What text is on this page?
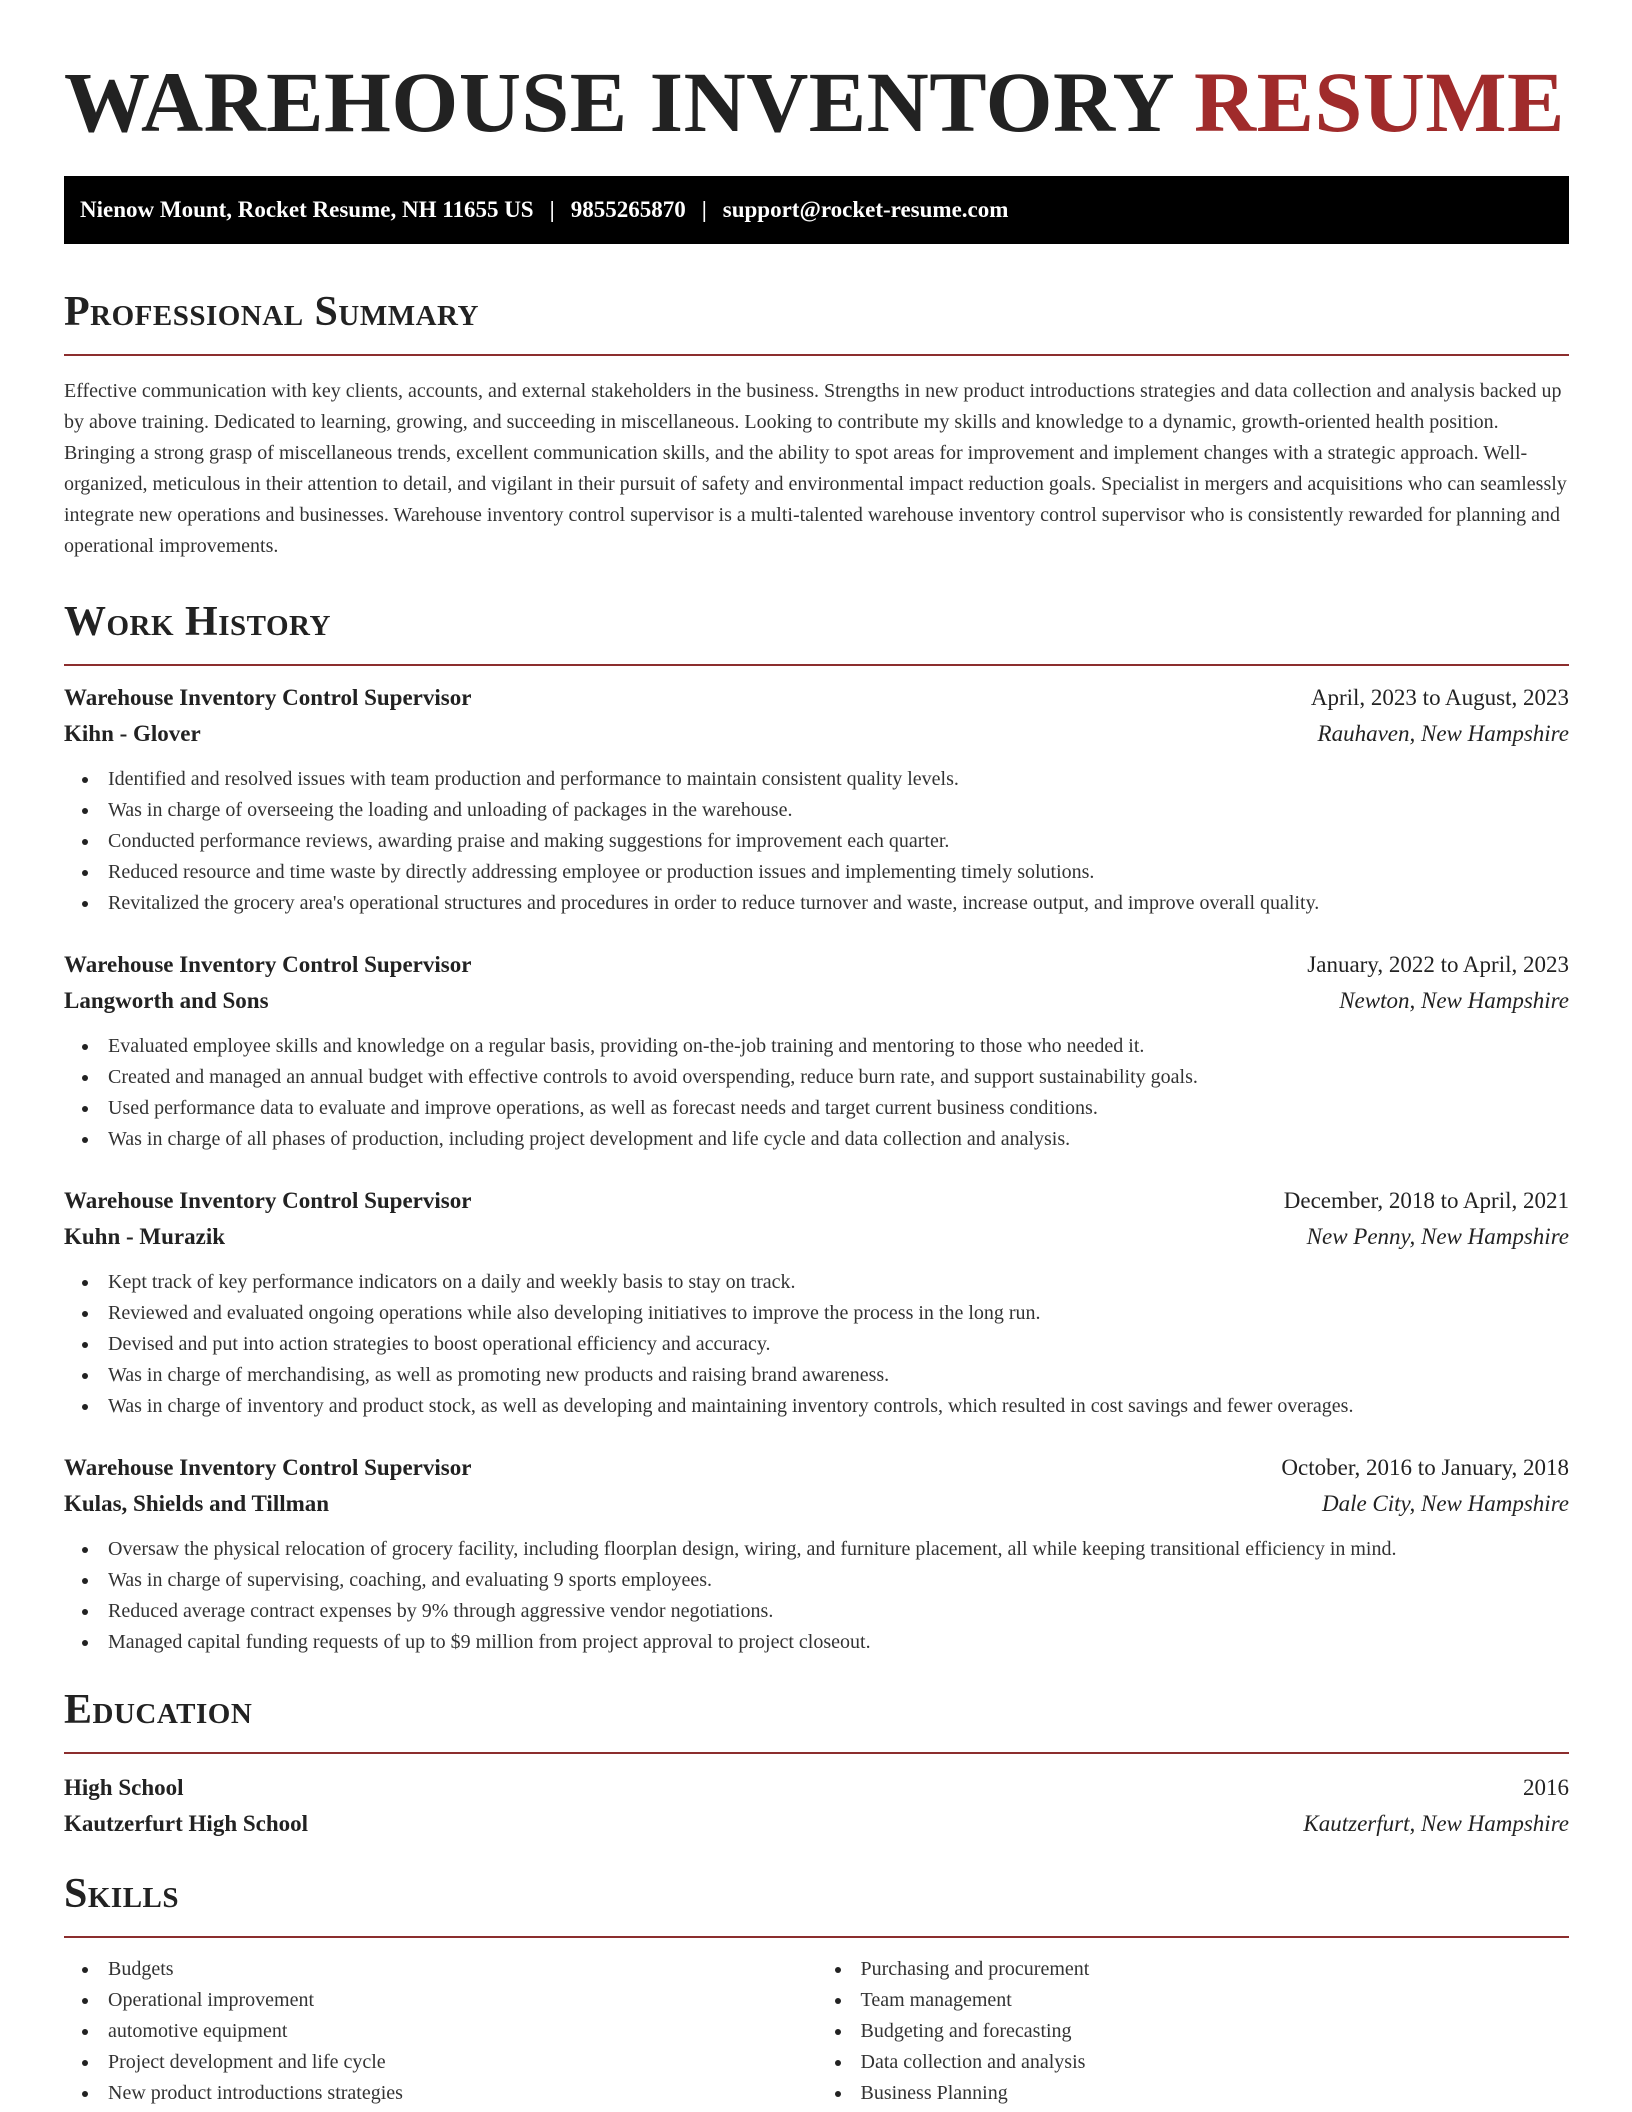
WAREHOUSE INVENTORY RESUME
Nienow Mount, Rocket Resume, NH 11655 US | 9855265870 | support@rocket-resume.com
Professional Summary

Effective communication with key clients, accounts, and external stakeholders in the business. Strengths in new product introductions strategies and data collection and analysis backed up by above training. Dedicated to learning, growing, and succeeding in miscellaneous. Looking to contribute my skills and knowledge to a dynamic, growth-oriented health position. Bringing a strong grasp of miscellaneous trends, excellent communication skills, and the ability to spot areas for improvement and implement changes with a strategic approach. Well-organized, meticulous in their attention to detail, and vigilant in their pursuit of safety and environmental impact reduction goals. Specialist in mergers and acquisitions who can seamlessly integrate new operations and businesses. Warehouse inventory control supervisor is a multi-talented warehouse inventory control supervisor who is consistently rewarded for planning and operational improvements.

Work History
Warehouse Inventory Control Supervisor	April, 2023 to August, 2023
Kihn - Glover	Rauhaven, New Hampshire
Identified and resolved issues with team production and performance to maintain consistent quality levels.
Was in charge of overseeing the loading and unloading of packages in the warehouse.
Conducted performance reviews, awarding praise and making suggestions for improvement each quarter.
Reduced resource and time waste by directly addressing employee or production issues and implementing timely solutions.
Revitalized the grocery area's operational structures and procedures in order to reduce turnover and waste, increase output, and improve overall quality.
Warehouse Inventory Control Supervisor	January, 2022 to April, 2023
Langworth and Sons	Newton, New Hampshire
Evaluated employee skills and knowledge on a regular basis, providing on-the-job training and mentoring to those who needed it.
Created and managed an annual budget with effective controls to avoid overspending, reduce burn rate, and support sustainability goals.
Used performance data to evaluate and improve operations, as well as forecast needs and target current business conditions.
Was in charge of all phases of production, including project development and life cycle and data collection and analysis.
Warehouse Inventory Control Supervisor	December, 2018 to April, 2021
Kuhn - Murazik	New Penny, New Hampshire
Kept track of key performance indicators on a daily and weekly basis to stay on track.
Reviewed and evaluated ongoing operations while also developing initiatives to improve the process in the long run.
Devised and put into action strategies to boost operational efficiency and accuracy.
Was in charge of merchandising, as well as promoting new products and raising brand awareness.
Was in charge of inventory and product stock, as well as developing and maintaining inventory controls, which resulted in cost savings and fewer overages.
Warehouse Inventory Control Supervisor	October, 2016 to January, 2018
Kulas, Shields and Tillman	Dale City, New Hampshire
Oversaw the physical relocation of grocery facility, including floorplan design, wiring, and furniture placement, all while keeping transitional efficiency in mind.
Was in charge of supervising, coaching, and evaluating 9 sports employees.
Reduced average contract expenses by 9% through aggressive vendor negotiations.
Managed capital funding requests of up to $9 million from project approval to project closeout.
Education
High School	2016
Kautzerfurt High School	Kautzerfurt, New Hampshire
Skills
Budgets
Operational improvement
automotive equipment
Project development and life cycle
New product introductions strategies
Purchasing and procurement
Team management
Budgeting and forecasting
Data collection and analysis
Business Planning
